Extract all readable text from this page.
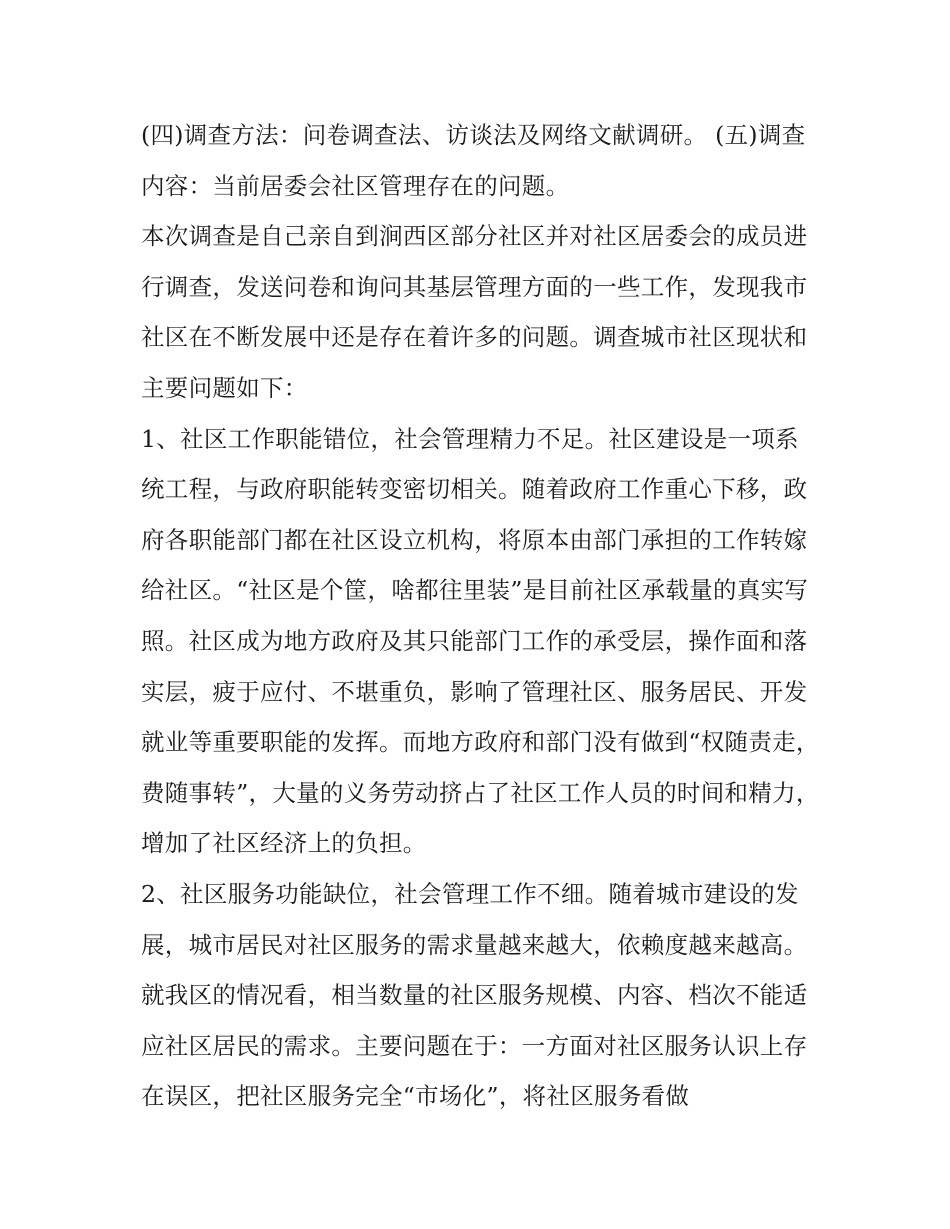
(四)调查方法：问卷调查法、访谈法及网络文献调研。 (五)调查内容：当前居委会社区管理存在的问题。

本次调查是自己亲自到涧西区部分社区并对社区居委会的成员进行调查，发送问卷和询问其基层管理方面的一些工作，发现我市社区在不断发展中还是存在着许多的问题。调查城市社区现状和主要问题如下：

1、社区工作职能错位，社会管理精力不足。社区建设是一项系统工程，与政府职能转变密切相关。随着政府工作重心下移，政府各职能部门都在社区设立机构，将原本由部门承担的工作转嫁给社区。“社区是个筐，啥都往里装”是目前社区承载量的真实写照。社区成为地方政府及其只能部门工作的承受层，操作面和落实层，疲于应付、不堪重负，影响了管理社区、服务居民、开发就业等重要职能的发挥。而地方政府和部门没有做到“权随责走，费随事转”，大量的义务劳动挤占了社区工作人员的时间和精力，增加了社区经济上的负担。

2、社区服务功能缺位，社会管理工作不细。随着城市建设的发展，城市居民对社区服务的需求量越来越大，依赖度越来越高。就我区的情况看，相当数量的社区服务规模、内容、档次不能适应社区居民的需求。主要问题在于：一方面对社区服务认识上存在误区，把社区服务完全“市场化”，将社区服务看做
